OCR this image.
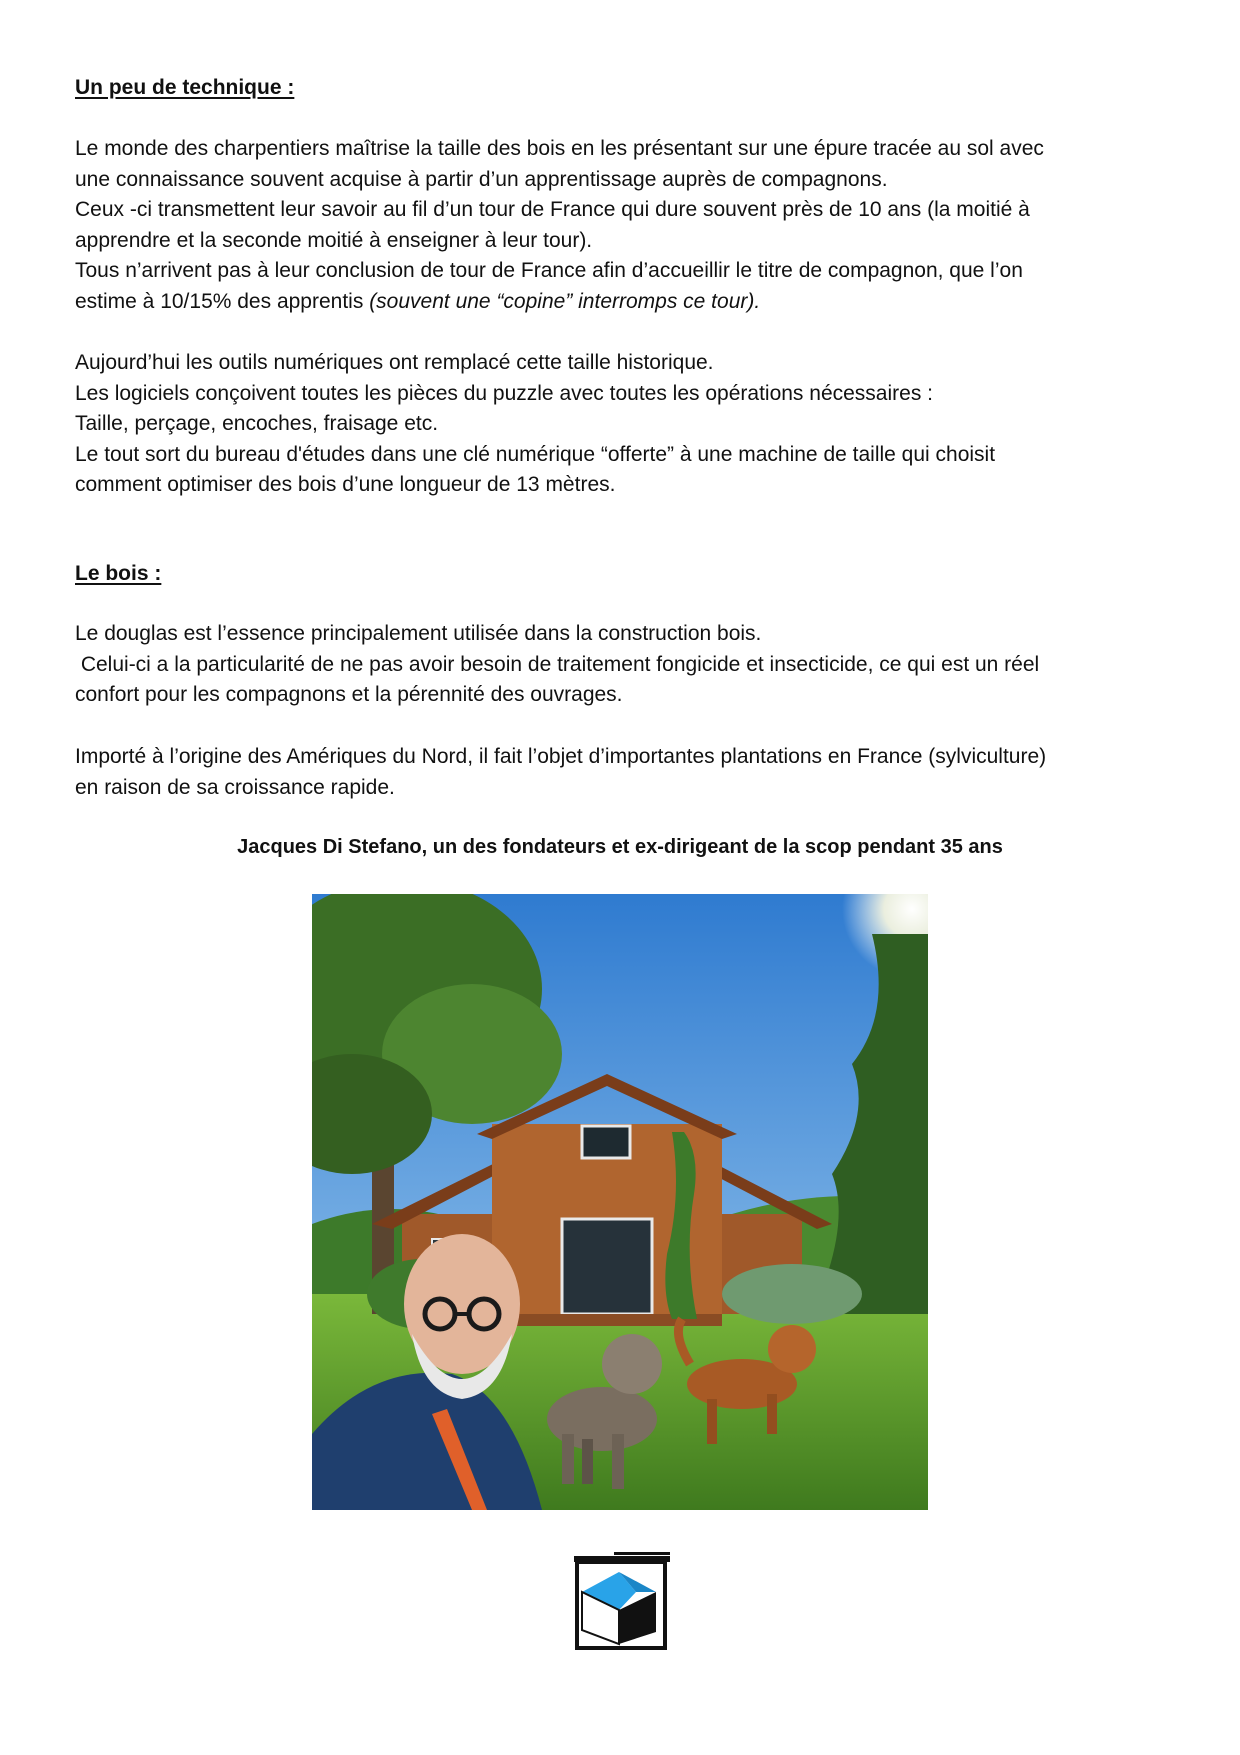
Un peu de technique :
Le monde des charpentiers maîtrise la taille des bois en les présentant sur une épure tracée au sol avec
une connaissance souvent acquise à partir d’un apprentissage auprès de compagnons.
Ceux -ci transmettent leur savoir au fil d’un tour de France qui dure souvent près de 10 ans (la moitié à
apprendre et la seconde moitié à enseigner à leur tour).
Tous n’arrivent pas à leur conclusion de tour de France afin d’accueillir le titre de compagnon, que l’on
estime à 10/15% des apprentis (souvent une “copine” interromps ce tour).
Aujourd’hui les outils numériques ont remplacé cette taille historique.
Les logiciels conçoivent toutes les pièces du puzzle avec toutes les opérations nécessaires :
Taille, perçage, encoches, fraisage etc.
Le tout sort du bureau d'études dans une clé numérique “offerte” à une machine de taille qui choisit
comment optimiser des bois d’une longueur de 13 mètres.
Le bois :
Le douglas est l’essence principalement utilisée dans la construction bois.
Celui-ci a la particularité de ne pas avoir besoin de traitement fongicide et insecticide, ce qui est un réel
confort pour les compagnons et la pérennité des ouvrages.
Importé à l’origine des Amériques du Nord, il fait l’objet d’importantes plantations en France (sylviculture)
en raison de sa croissance rapide.
Jacques Di Stefano, un des fondateurs et ex-dirigeant de la scop pendant 35 ans
